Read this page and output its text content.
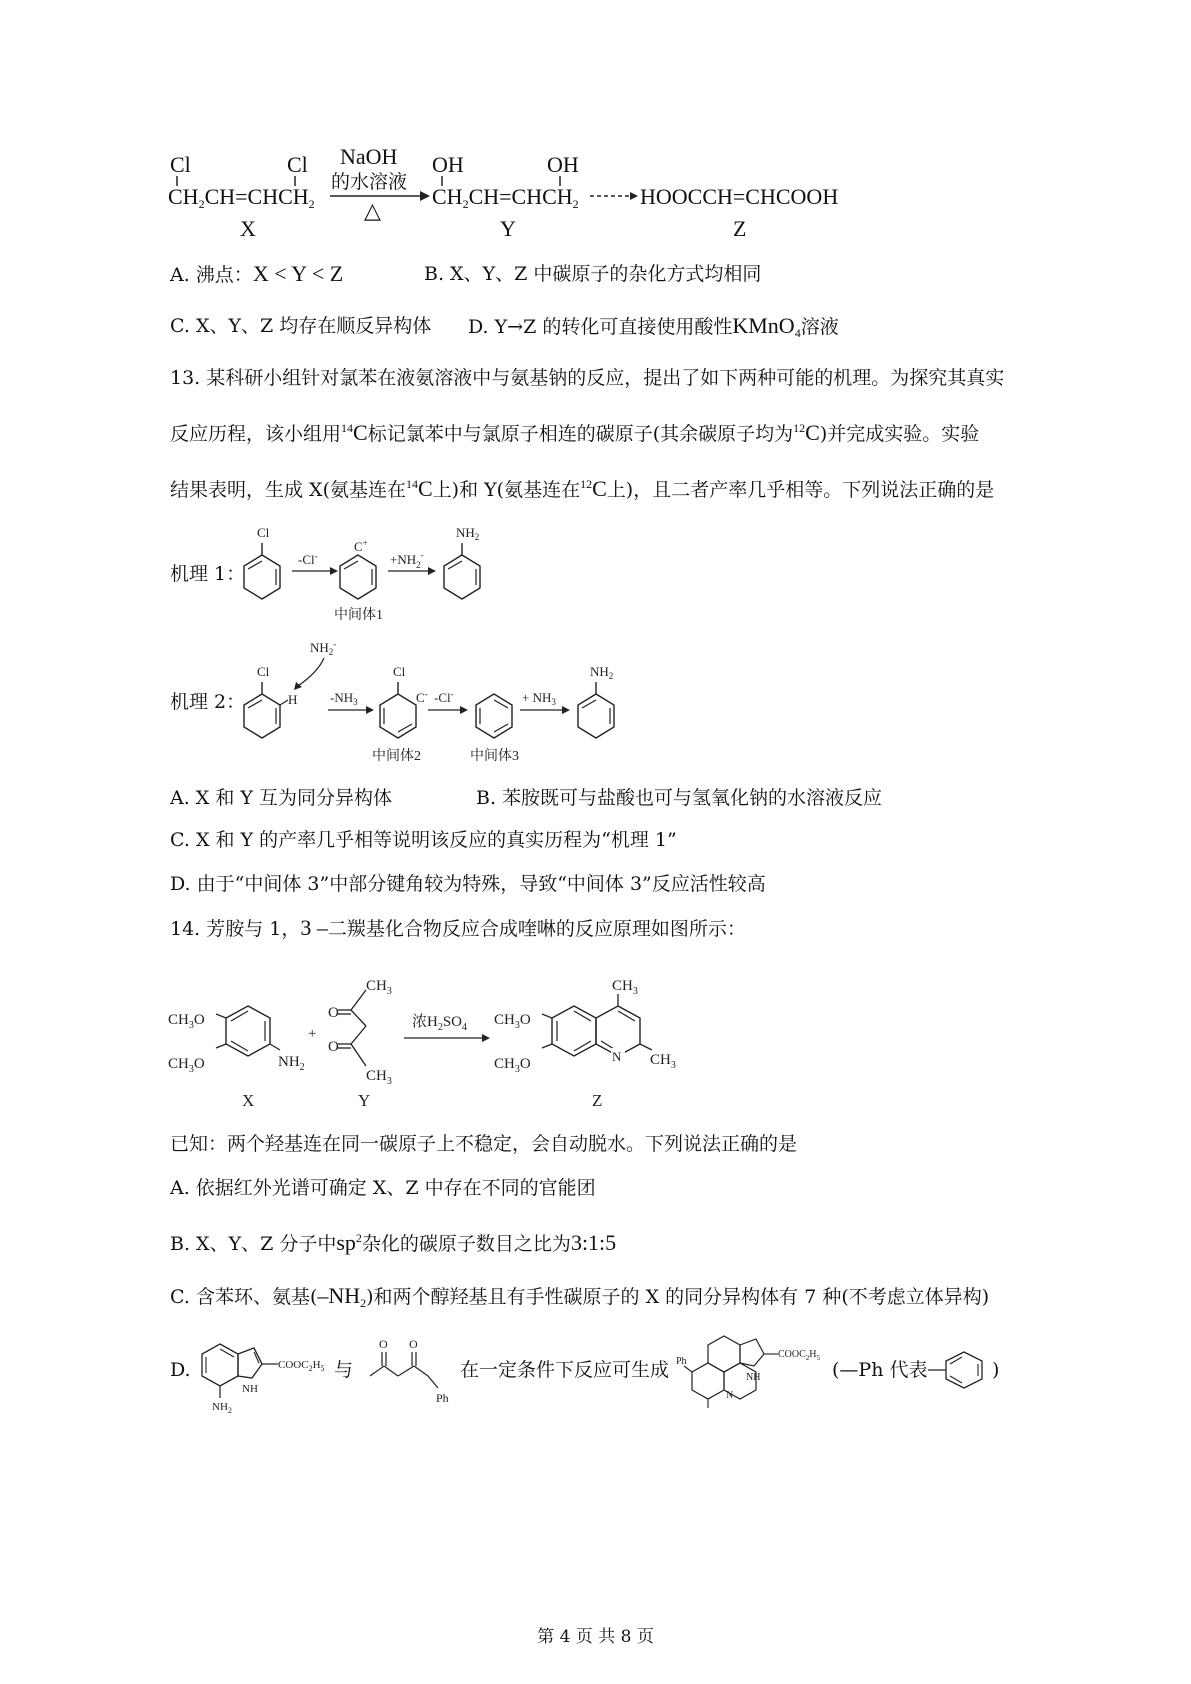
Cl	Cl
$CH_2CH=CHCH_2$
NaOH
的水溶液
△
OH	OH
$CH_2CH=CHCH_2$	HOOCCH=CHCOOH
X	Y	Z
A. 沸点：X < Y < Z	B. X、Y、Z 中碳原子的杂化方式均相同
C. X、Y、Z 均存在顺反异构体 D. Y→Z 的转化可直接使用酸性KMnO$_4$溶液
13. 某科研小组针对氯苯在液氨溶液中与氨基钠的反应，提出了如下两种可能的机理。为探究其真实
反应历程，该小组用$^{14}$C标记氯苯中与氯原子相连的碳原子(其余碳原子均为$^{12}$C)并完成实验。实验
结果表明，生成 X(氨基连在$^{14}$C上)和 Y(氨基连在$^{12}$C上)，且二者产率几乎相等。下列说法正确的是
机理 1：
Cl
-Cl-
C+
$+NH_2^-$
$NH_2$
中间体1
机理 2：
$NH_2^-$
Cl
H	$-NH_3$
Cl
C- -Cl-	+ $NH_3$
$NH_2$
中间体2	中间体3
A. X 和 Y 互为同分异构体	B. 苯胺既可与盐酸也可与氢氧化钠的水溶液反应
C. X 和 Y 的产率几乎相等说明该反应的真实历程为“机理 1”
D. 由于“中间体 3”中部分键角较为特殊，导致“中间体 3”反应活性较高
14. 芳胺与 1，3 –二羰基化合物反应合成喹啉的反应原理如图所示：
$CH_3O$
$CH_3O$	$NH_2$
+
O
O
$CH_3$
$CH_3$
浓$H_2SO_4$
N
$CH_3$
$CH_3$
$CH_3O$
$CH_3O$
X	Y	Z
已知：两个羟基连在同一碳原子上不稳定，会自动脱水。下列说法正确的是
A. 依据红外光谱可确定 X、Z 中存在不同的官能团
B. X、Y、Z 分子中$sp^2$杂化的碳原子数目之比为3:1:5
C. 含苯环、氨基$(-NH_2)$和两个醇羟基且有手性碳原子的 X 的同分异构体有 7 种(不考虑立体异构)
D.	$COOC_2H_5$
NH
$NH_2$
与
O O
Ph
在一定条件下反应可生成
$COOC_2H_5$
NH
N
Ph	(—Ph 代表	)
第 4 页 共 8 页
